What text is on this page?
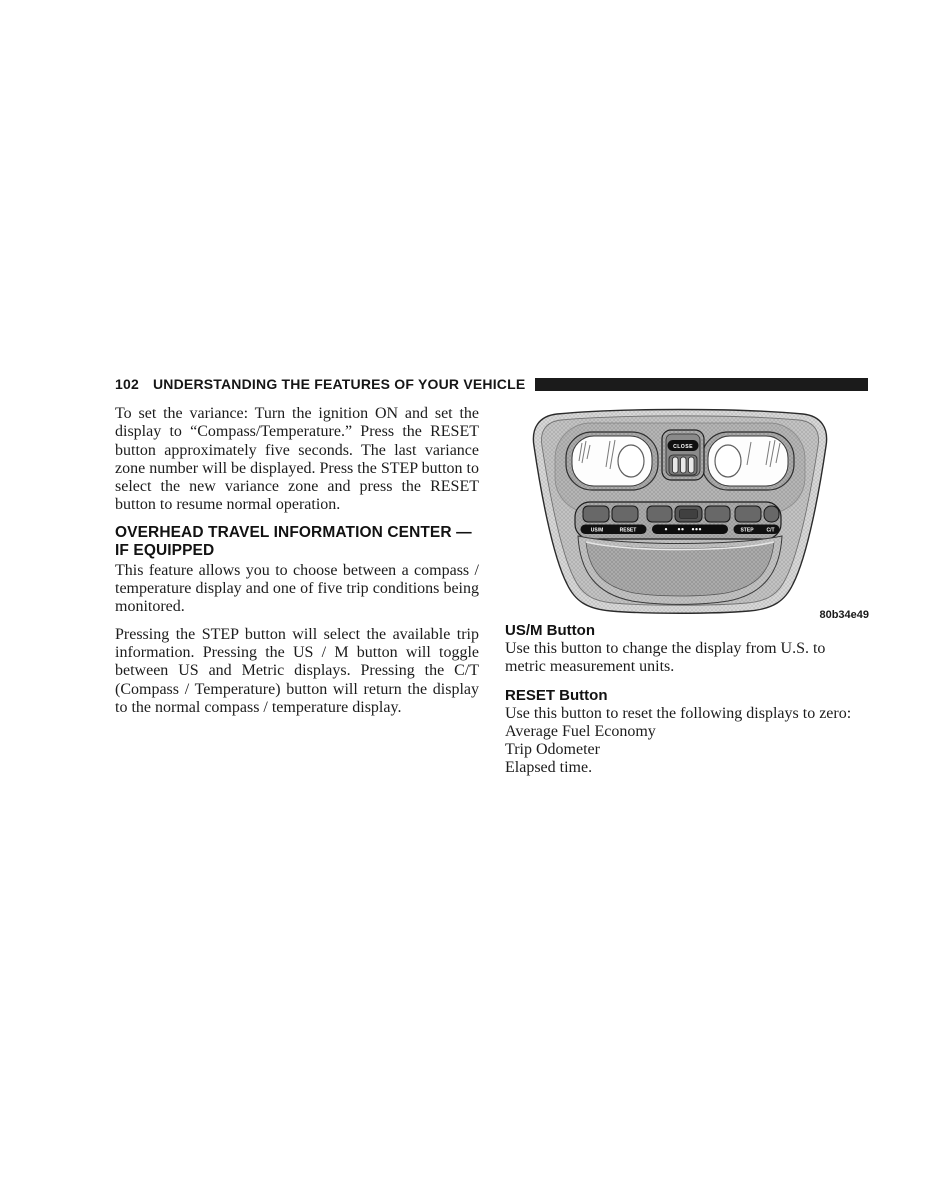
102 UNDERSTANDING THE FEATURES OF YOUR VEHICLE

To set the variance: Turn the ignition ON and set the display to “Compass/Temperature.” Press the RESET button approximately five seconds. The last variance zone number will be displayed. Press the STEP button to select the new variance zone and press the RESET button to resume normal operation.

OVERHEAD TRAVEL INFORMATION CENTER — IF EQUIPPED

This feature allows you to choose between a compass / temperature display and one of five trip conditions being monitored.

Pressing the STEP button will select the available trip information. Pressing the US / M button will toggle between US and Metric displays. Pressing the C/T (Compass / Temperature) button will return the display to the normal compass / temperature display.

CLOSE
US/M	RESET	STEP	C/T
80b34e49
US/M Button

Use this button to change the display from U.S. to metric measurement units.

RESET Button
Use this button to reset the following displays to zero:
Average Fuel Economy
Trip Odometer
Elapsed time.
